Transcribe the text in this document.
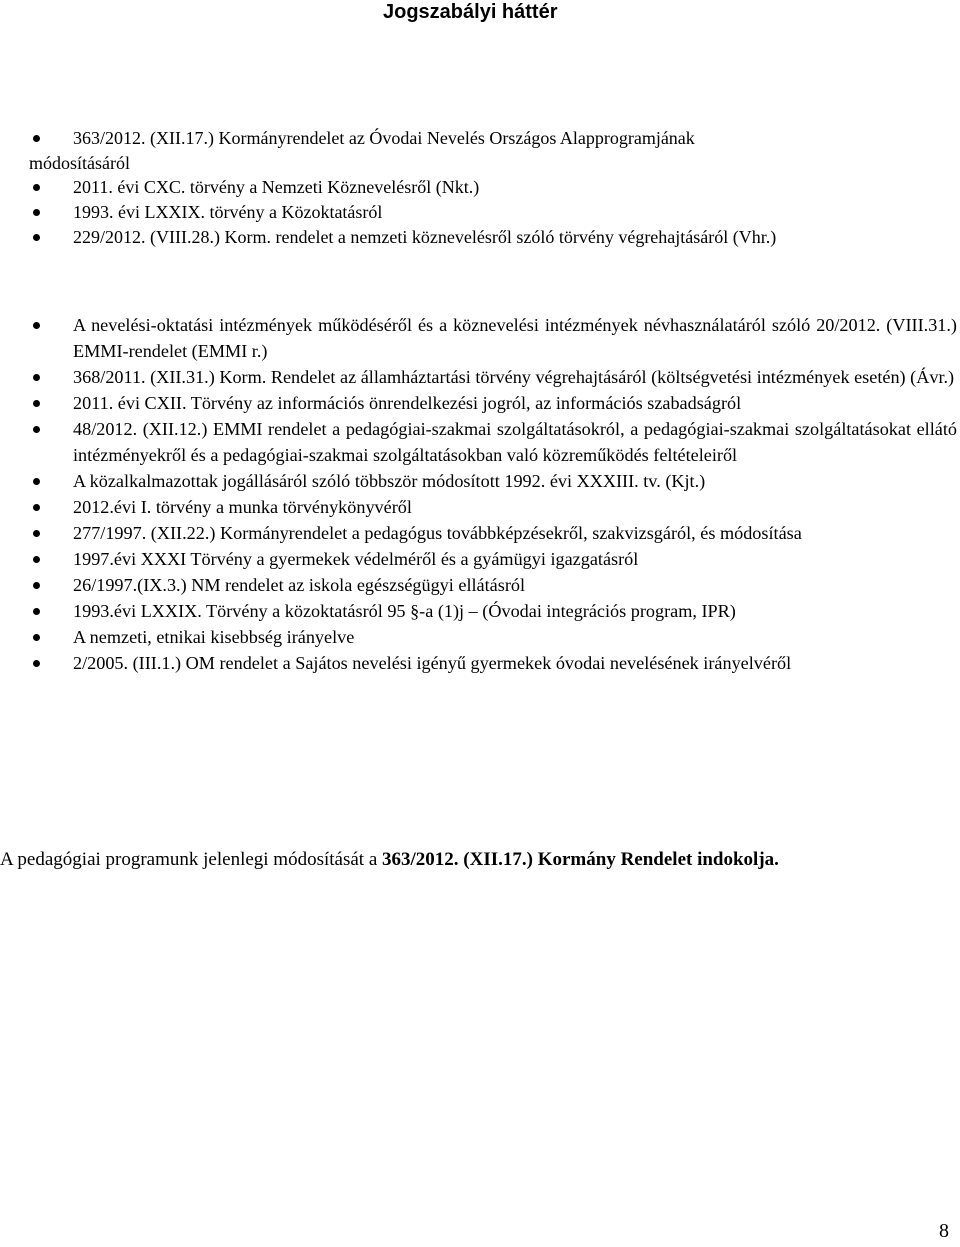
Jogszabályi háttér
363/2012. (XII.17.) Kormányrendelet az Óvodai Nevelés Országos Alapprogramjának
módosításáról
2011. évi CXC. törvény a Nemzeti Köznevelésről (Nkt.)
1993. évi LXXIX. törvény a Közoktatásról
229/2012. (VIII.28.) Korm. rendelet a nemzeti köznevelésről szóló törvény végrehajtásáról (Vhr.)
A nevelési-oktatási intézmények működéséről és a köznevelési intézmények névhasználatáról szóló 20/2012. (VIII.31.) EMMI-rendelet (EMMI r.)
368/2011. (XII.31.) Korm. Rendelet az államháztartási törvény végrehajtásáról (költségvetési intézmények esetén) (Ávr.)
2011. évi CXII. Törvény az információs önrendelkezési jogról, az információs szabadságról
48/2012. (XII.12.) EMMI rendelet a pedagógiai-szakmai szolgáltatásokról, a pedagógiai-szakmai szolgáltatásokat ellátó intézményekről és a pedagógiai-szakmai szolgáltatásokban való közreműködés feltételeiről
A közalkalmazottak jogállásáról szóló többször módosított 1992. évi XXXIII. tv. (Kjt.)
2012.évi I. törvény a munka törvénykönyvéről
277/1997. (XII.22.) Kormányrendelet a pedagógus továbbképzésekről, szakvizsgáról, és módosítása
1997.évi XXXI Törvény a gyermekek védelméről és a gyámügyi igazgatásról
26/1997.(IX.3.) NM rendelet az iskola egészségügyi ellátásról
1993.évi LXXIX. Törvény a közoktatásról 95 §-a (1)j – (Óvodai integrációs program, IPR)
A nemzeti, etnikai kisebbség irányelve
2/2005. (III.1.) OM rendelet a Sajátos nevelési igényű gyermekek óvodai nevelésének irányelvéről
A pedagógiai programunk jelenlegi módosítását a 363/2012. (XII.17.) Kormány Rendelet indokolja.
8
